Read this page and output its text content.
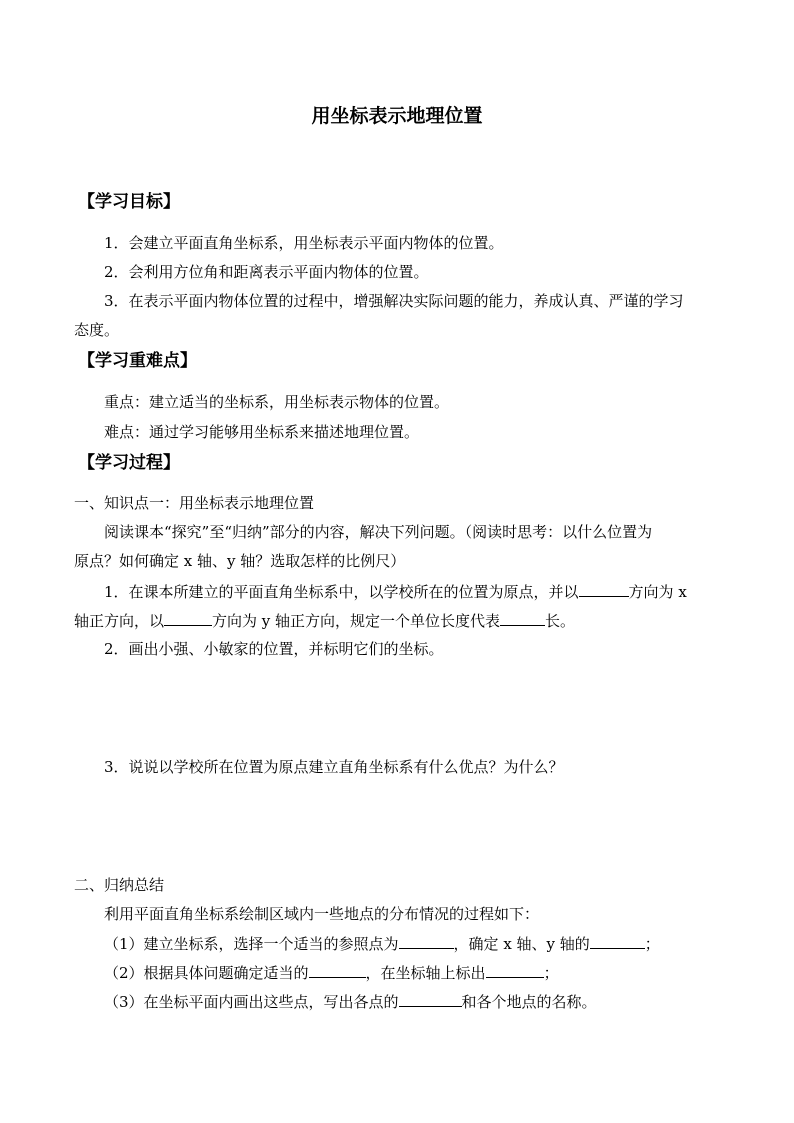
用坐标表示地理位置
【学习目标】
1．会建立平面直角坐标系，用坐标表示平面内物体的位置。
2．会利用方位角和距离表示平面内物体的位置。
3．在表示平面内物体位置的过程中，增强解决实际问题的能力，养成认真、严谨的学习
态度。
【学习重难点】
重点：建立适当的坐标系，用坐标表示物体的位置。
难点：通过学习能够用坐标系来描述地理位置。
【学习过程】
一、知识点一：用坐标表示地理位置
阅读课本“探究”至“归纳”部分的内容，解决下列问题。（阅读时思考：以什么位置为
原点？如何确定 x 轴、y 轴？选取怎样的比例尺）
1．在课本所建立的平面直角坐标系中，以学校所在的位置为原点，并以	方向为 x
轴正方向，以	方向为 y 轴正方向，规定一个单位长度代表	长。
2．画出小强、小敏家的位置，并标明它们的坐标。
3．说说以学校所在位置为原点建立直角坐标系有什么优点？为什么？
二、归纳总结
利用平面直角坐标系绘制区域内一些地点的分布情况的过程如下：
（1）建立坐标系，选择一个适当的参照点为	，确定 x 轴、y 轴的	；
（2）根据具体问题确定适当的	，在坐标轴上标出	；
（3）在坐标平面内画出这些点，写出各点的	和各个地点的名称。
